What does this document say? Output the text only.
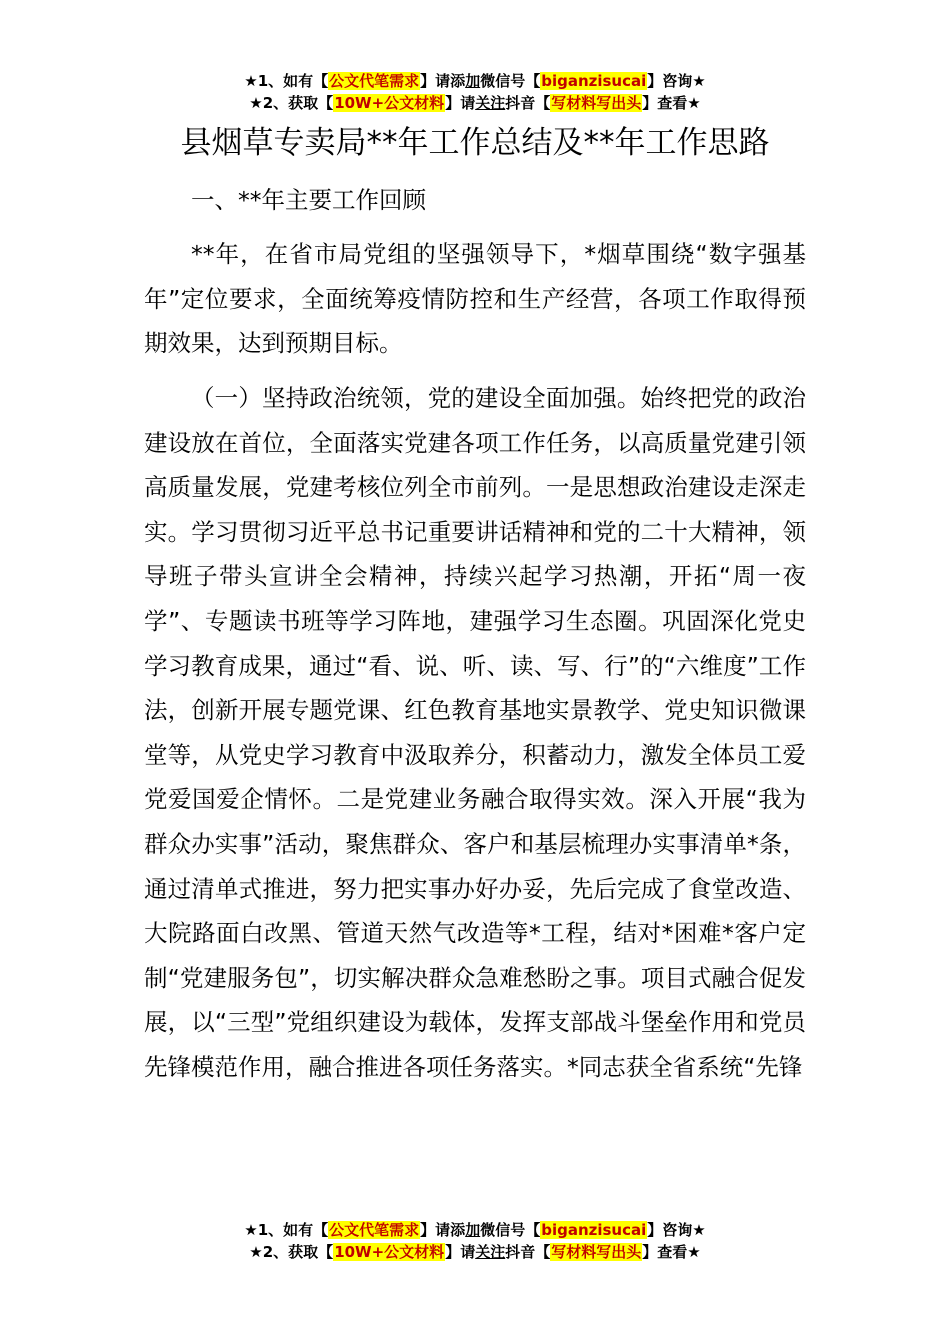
★1、如有【公文代笔需求】请添加微信号【biganzisucai】咨询★
★2、获取【10W+公文材料】请关注抖音【写材料写出头】查看★
县烟草专卖局**年工作总结及**年工作思路

一、**年主要工作回顾

**年，在省市局党组的坚强领导下，*烟草围绕“数字强基年”定位要求，全面统筹疫情防控和生产经营，各项工作取得预期效果，达到预期目标。

（一）坚持政治统领，党的建设全面加强。始终把党的政治建设放在首位，全面落实党建各项工作任务，以高质量党建引领高质量发展，党建考核位列全市前列。一是思想政治建设走深走实。学习贯彻习近平总书记重要讲话精神和党的二十大精神，领导班子带头宣讲全会精神，持续兴起学习热潮，开拓“周一夜学”、专题读书班等学习阵地，建强学习生态圈。巩固深化党史学习教育成果，通过“看、说、听、读、写、行”的“六维度”工作法，创新开展专题党课、红色教育基地实景教学、党史知识微课堂等，从党史学习教育中汲取养分，积蓄动力，激发全体员工爱党爱国爱企情怀。二是党建业务融合取得实效。深入开展“我为群众办实事”活动，聚焦群众、客户和基层梳理办实事清单*条，通过清单式推进，努力把实事办好办妥，先后完成了食堂改造、大院路面白改黑、管道天然气改造等*工程，结对*困难*客户定制“党建服务包”，切实解决群众急难愁盼之事。项目式融合促发展，以“三型”党组织建设为载体，发挥支部战斗堡垒作用和党员先锋模范作用，融合推进各项任务落实。*同志获全省系统“先锋

★1、如有【公文代笔需求】请添加微信号【biganzisucai】咨询★
★2、获取【10W+公文材料】请关注抖音【写材料写出头】查看★
